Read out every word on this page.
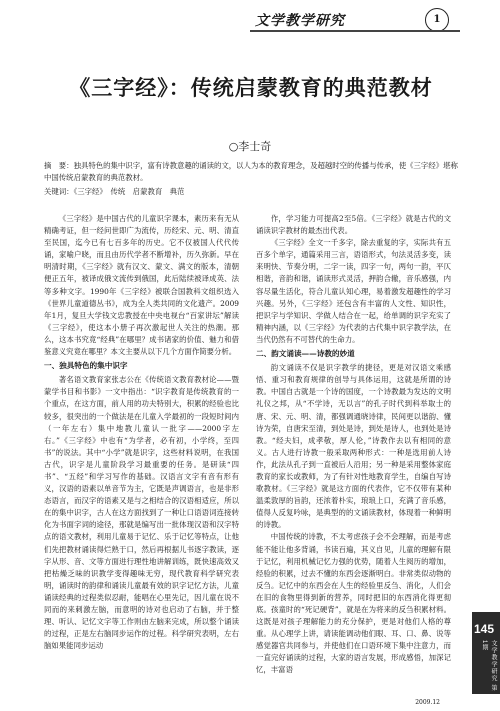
文学教学研究	1
《三字经》：传统启蒙教育的典范教材
○李士奇
摘　要：独具特色的集中识字，富有诗教意趣的诵读的文，以人为本的教育理念，及超越时空的传播与传承，使《三字经》堪称中国传统启蒙教育的典范教材。
关键词：《三字经》　传统　启蒙教育　典范

《三字经》是中国古代的儿童识字课本，素历来有无从精确考证，但一经问世即广为流传，历经宋、元、明、清直至民国，迄今已有七百多年的历史。它不仅被国人代代传诵，家喻户晓，而且由历代学者不断增补，历久弥新。早在明清时期，《三字经》就有汉文、蒙文、满文的版本，清朝便正五年，被译成俄文流传到俄国，此后陆续被译成英、法等多种文字。1990年《三字经》被联合国教科文组织选入《世界儿童道德丛书》，成为全人类共同的文化遗产。2009年1月，复旦大学钱文忠教授在中央电视台“百家讲坛”解读《三字经》，使这本小册子再次激起世人关注的热潮。那么，这本书究竟“经典”在哪里？成书诸家的价值、魅力和借鉴意义究竟在哪里？本文主要从以下几个方面作简要分析。

一、独具特色的集中识字

著名语文教育家张志公在《传统语文教育教材论——暨蒙学书目和书影》一文中指出：“识字教育是传统教育的一个重点，在这方面，前人用的功夫特别大，积累的经验也比较多，很突出的一个做法是在儿童入学最初的一段短时间内（一年左右）集中地教儿童认一批字——2000字左右。”《三字经》中也有“为学者，必有初，小学终，至四书”的说法。其中“小学”就是识字，这些材料说明，在我国古代，识字是儿童阶段学习最重要的任务。是研读“四书”、“五经”和学习写作的基础。汉语言文字有音有形有义，汉语的语素以单音节为主，它既是声调语言，也是非形态语言，而汉字的语素又是与之相结合的汉语相适应，所以在的集中识字，古人在这方面找到了一种让口语语词连接转化为书面字词的途径，那就是编写出一批体现汉语和汉字特点的语文教材，利用儿童易于记忆、乐于记忆等特点，让他们先把教材诵读得烂熟于口，然后再根据儿书逐字教读，逐字从形、音、文等方面进行理性地讲解训练，既快速高效又把枯燥乏味的识教学变得趣味无穷，现代教育科学研究表明，诵读时的韵律和诵读儿童最有效的识字记忆方法，儿童诵读经典的过程类似忍耐，能唱在心里先记，因儿童在说不同而的来刺激左脑，而意明的诗对也启动了右脑，并于整理、听认、记忆文字等工作则由左脑来完成，所以整个诵读的过程，正是左右脑同步运作的过程。科学研究表明，左右脑如果能同步运动

作，学习能力可提高2至5倍。《三字经》就是古代的文诵读识字教材的最杰出代表。

《三字经》全文一千多字，除去重复的字，实际共有五百多个单字，通篇采用三言，语语形式，句法灵活多变，读来明快、节奏分明，二字一读，四字一句，两句一韵，平仄相谐，音韵和谐，诵读形式灵活，押韵合辙，音乐感强，内容尽量生活化，符合儿童认知心理，易着激发超趣性的学习兴趣。另外，《三字经》还包含有丰富的人文性、知识性，把识字与学知识、学做人结合在一起，给单调的识字充实了精神内涵，以《三字经》为代表的古代集中识字教学法，在当代仍然有不可替代的生命力。

二、韵文诵读——诗教的妙道

韵文诵读不仅是识字教学的捷径，更是对汉语文乘感悟、重习和教育规律的创导与具体运用，这就是所谓的诗教。中国自古就是一个诗的国度，一个诗教最为发达的文明礼仪之邦，从“不学诗，无以言”的孔子时代到科举取士的唐、宋、元、明、清，都强调通晓诗律，民间更以谐韵、懂诗为荣，自唐宋至清，到处是诗，到处是诗人，也到处是诗教。“经夫妇，成孝敬，厚人伦，”诗教作去以有相同的意义。古人进行诗教一般采取两种形式：一种是选用前人诗作，此法从孔子到一直被后人沿用；另一种是采用整体家庭教育的家长或教师，为了有针对性地教育学生，自编自写诗歌教材。《三字经》就是这方面的代表作，它不仅带有某种温柔敦厚的旨韵，还浓着朴实，琅琅上口，充满了音乐感，值得人反复吟咏，是典型的的文诵读教材，体现着一种鲜明的诗教。

中国传统的诗教，不太考虑孩子会不会理解，而是考虑能不能让他多背诵，书读百遍，其义自见，儿童的理解有限于记忆，利用机械记忆力强的优势，随着人生阅历的增加，经验的积累，过去不懂的东西会逐渐明白。非常类似动物的反刍。记忆中的东西会在人生的经验里反刍、消化，人们会在旧的食物里得到新的营养，同时把旧的东西消化得更彻底。孩童时的“死记硬背”，就是在为将来的反刍积累材料。这既是对孩子理解能力的充分保护，更是对他们人格的尊重。从心理学上讲，请读能调动他们眼、耳、口、鼻、说等感觉器官共同参与，并使他们在口语环境下集中注意力，而一直完好诵读的过程，大家的语言发展，形成感悟，加深记忆，丰富语

145
文学教学研究 第1期
2009.12
